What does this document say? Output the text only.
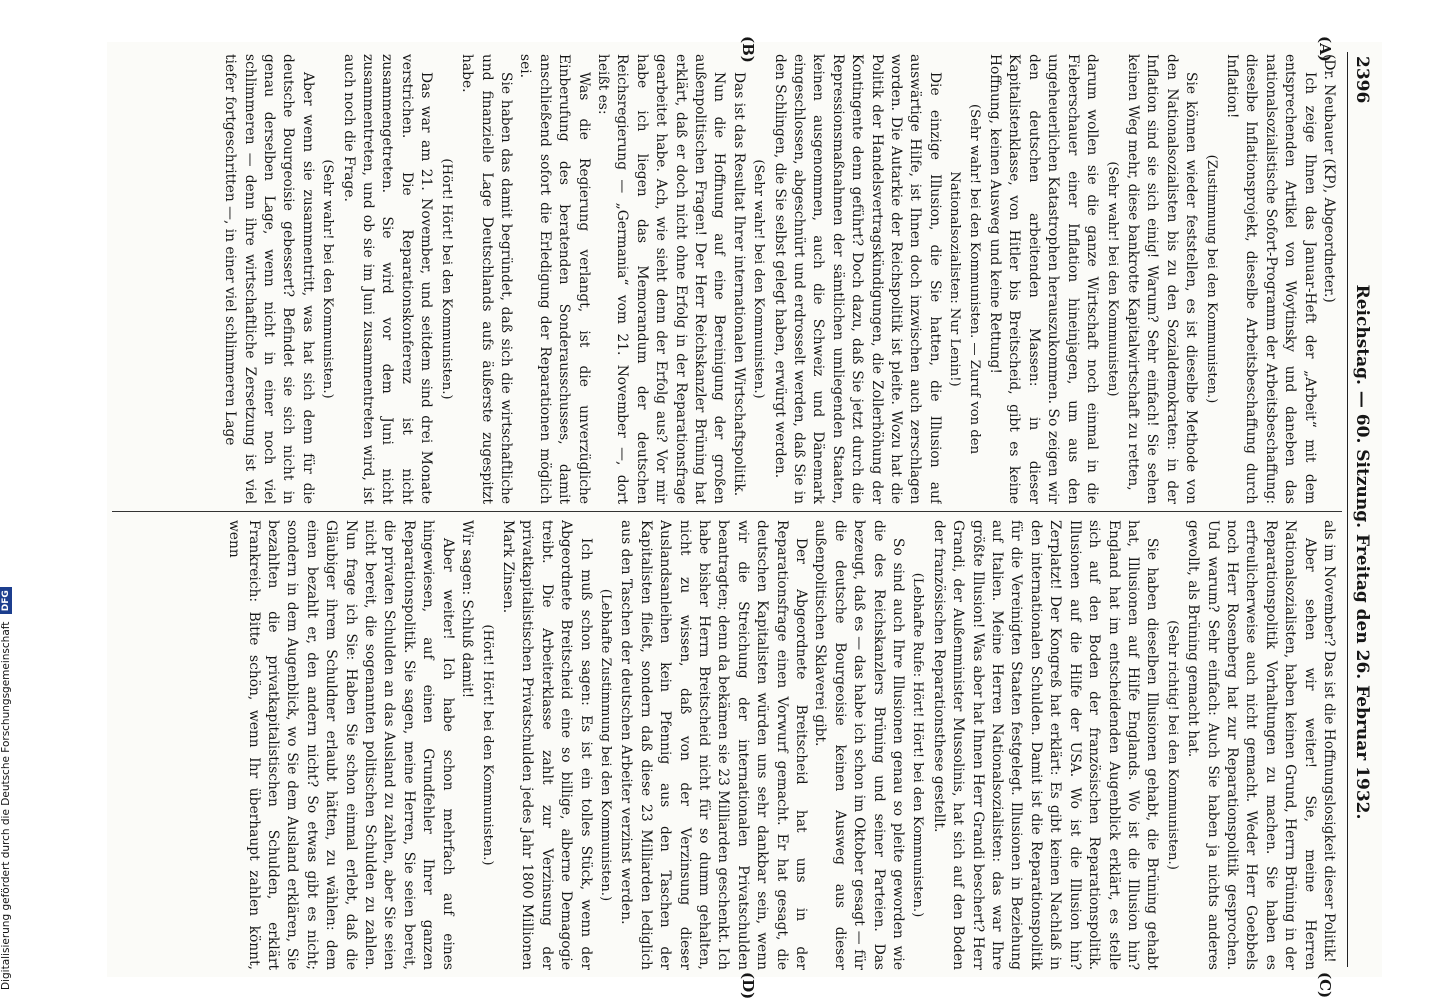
2396
Reichstag. — 60. Sitzung. Freitag den 26. Februar 1932.
(A)
(B)
(C)
(D)

(Dr. Neubauer (KP), Abgeordneter.)

Ich zeige Ihnen das Januar-Heft der „Arbeit“ mit dem entsprechenden Artikel von Woytinsky und daneben das nationalsozialistische Sofort-Programm der Arbeitsbeschaffung: dieselbe Inflationsprojekt, dieselbe Arbeitsbeschaffung durch Inflation!

(Zustimmung bei den Kommunisten.)

Sie können wieder feststellen, es ist dieselbe Methode von den Nationalsozialisten bis zu den Sozialdemokraten: in der Inflation sind sie sich einig! Warum? Sehr einfach! Sie sehen keinen Weg mehr, diese bankrotte Kapitalwirtschaft zu retten,

(Sehr wahr! bei den Kommunisten)

darum wollen sie die ganze Wirtschaft noch einmal in die Fieberschauer einer Inflation hineinjagen, um aus den ungeheuerlichen Katastrophen herauszukommen. So zeigen wir den deutschen arbeitenden Massen: in dieser Kapitalistenklasse, von Hitler bis Breitscheid, gibt es keine Hoffnung, keinen Ausweg und keine Rettung!

(Sehr wahr! bei den Kommunisten. — Zuruf von den Nationalsozialisten: Nur Lenin!)

Die einzige Illusion, die Sie hatten, die Illusion auf auswärtige Hilfe, ist Ihnen doch inzwischen auch zerschlagen worden. Die Autarkie der Reichspolitik ist pleite. Wozu hat die Politik der Handelsvertragskündigungen, die Zollerhöhung der Kontingente denn geführt? Doch dazu, daß Sie jetzt durch die Repressionsmaßnahmen der sämtlichen umliegenden Staaten, keinen ausgenommen, auch die Schweiz und Dänemark eingeschlossen, abgeschnürt und erdrosselt werden, daß Sie in den Schlingen, die Sie selbst gelegt haben, erwürgt werden.

(Sehr wahr! bei den Kommunisten.)

Das ist das Resultat Ihrer internationalen Wirtschaftspolitik.

Nun die Hoffnung auf eine Bereinigung der großen außenpolitischen Fragen! Der Herr Reichskanzler Brüning hat erklärt, daß er doch nicht ohne Erfolg in der Reparationsfrage gearbeitet habe. Ach, wie sieht denn der Erfolg aus? Vor mir habe ich liegen das Memorandum der deutschen Reichsregierung — „Germania“ vom 21. November —, dort heißt es:

Was die Regierung verlangt, ist die unverzügliche Einberufung des beratenden Sonderausschusses, damit anschließend sofort die Erledigung der Reparationen möglich sei.

Sie haben das damit begründet, daß sich die wirtschaftliche und finanzielle Lage Deutschlands aufs äußerste zugespitzt habe.

(Hört! Hört! bei den Kommunisten.)

Das war am 21. November, und seitdem sind drei Monate verstrichen. Die Reparationskonferenz ist nicht zusammengetreten. Sie wird vor dem Juni nicht zusammentreten, und ob sie im Juni zusammentreten wird, ist auch noch die Frage.

(Sehr wahr! bei den Kommunisten.)

Aber wenn sie zusammentritt, was hat sich denn für die deutsche Bourgeoisie gebessert? Befindet sie sich nicht in genau derselben Lage, wenn nicht in einer noch viel schlimmeren — denn ihre wirtschaftliche Zersetzung ist viel tiefer fortgeschritten —, in einer viel schlimmeren Lage

als im November? Das ist die Hoffnungslosigkeit dieser Politik!

Aber sehen wir weiter! Sie, meine Herren Nationalsozialisten, haben keinen Grund, Herrn Brüning in der Reparationspolitik Vorhaltungen zu machen. Sie haben es erfreulicherweise auch nicht gemacht. Weder Herr Goebbels noch Herr Rosenberg hat zur Reparationspolitik gesprochen. Und warum? Sehr einfach: Auch Sie haben ja nichts anderes gewollt, als Brüning gemacht hat.

(Sehr richtig! bei den Kommunisten.)

Sie haben dieselben Illusionen gehabt, die Brüning gehabt hat, Illusionen auf Hilfe Englands. Wo ist die Illusion hin? England hat im entscheidenden Augenblick erklärt, es stelle sich auf den Boden der französischen Reparationspolitik. Illusionen auf die Hilfe der USA. Wo ist die Illusion hin? Zerplatzt! Der Kongreß hat erklärt: Es gibt keinen Nachlaß in den internationalen Schulden. Damit ist die Reparationspolitik für die Vereinigten Staaten festgelegt. Illusionen in Beziehung auf Italien. Meine Herren Nationalsozialisten: das war Ihre größte Illusion! Was aber hat Ihnen Herr Grandi beschert? Herr Grandi, der Außenminister Mussolinis, hat sich auf den Boden der französischen Reparationsthese gestellt.

(Lebhafte Rufe: Hört! Hört! bei den Kommunisten.)

So sind auch Ihre Illusionen genau so pleite geworden wie die des Reichskanzlers Brüning und seiner Parteien. Das bezeugt, daß es — das habe ich schon im Oktober gesagt — für die deutsche Bourgeoisie keinen Ausweg aus dieser außenpolitischen Sklaverei gibt.

Der Abgeordnete Breitscheid hat uns in der Reparationsfrage einen Vorwurf gemacht. Er hat gesagt, die deutschen Kapitalisten würden uns sehr dankbar sein, wenn wir die Streichung der internationalen Privatschulden beantragten; denn da bekämen sie 23 Milliarden geschenkt. Ich habe bisher Herrn Breitscheid nicht für so dumm gehalten, nicht zu wissen, daß von der Verzinsung dieser Auslandsanleihen kein Pfennig aus den Taschen der Kapitalisten fließt, sondern daß diese 23 Milliarden lediglich aus den Taschen der deutschen Arbeiter verzinst werden.

(Lebhafte Zustimmung bei den Kommunisten.)

Ich muß schon sagen: Es ist ein tolles Stück, wenn der Abgeordnete Breitscheid eine so billige, alberne Demagogie treibt. Die Arbeiterklasse zahlt zur Verzinsung der privatkapitalistischen Privatschulden jedes Jahr 1800 Millionen Mark Zinsen.

(Hört! Hört! bei den Kommunisten.)

Wir sagen: Schluß damit!

Aber weiter! Ich habe schon mehrfach auf eines hingewiesen, auf einen Grundfehler Ihrer ganzen Reparationspolitik. Sie sagen, meine Herren, Sie seien bereit, die privaten Schulden an das Ausland zu zahlen, aber Sie seien nicht bereit, die sogenannten politischen Schulden zu zahlen. Nun frage ich Sie: Haben Sie schon einmal erlebt, daß die Gläubiger ihrem Schuldner erlaubt hätten, zu wählen: dem einen bezahlt er, den andern nicht? So etwas gibt es nicht; sondern in dem Augenblick, wo Sie dem Ausland erklären, Sie bezahlten die privatkapitalistischen Schulden, erklärt Frankreich: Bitte schön, wenn Ihr überhaupt zahlen könnt, wenn

Digitalisierung gefördert durch die Deutsche Forschungsgemeinschaft DFG
